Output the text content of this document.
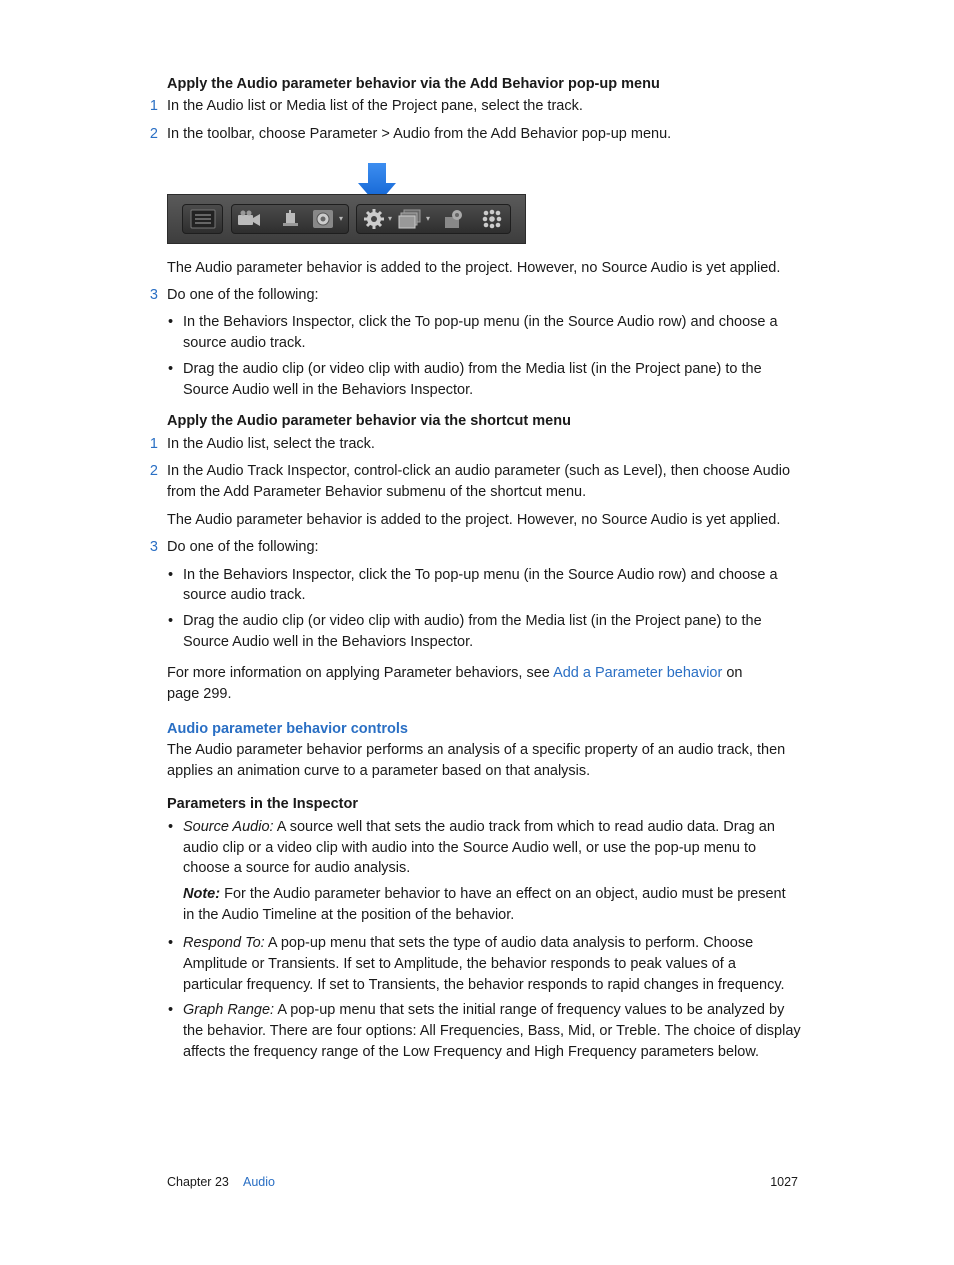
Apply the Audio parameter behavior via the Add Behavior pop-up menu
1 In the Audio list or Media list of the Project pane, select the track.
2 In the toolbar, choose Parameter > Audio from the Add Behavior pop-up menu.
▾	▾	▾
The Audio parameter behavior is added to the project. However, no Source Audio is yet applied.
3 Do one of the following:
• In the Behaviors Inspector, click the To pop-up menu (in the Source Audio row) and choose a
source audio track.
• Drag the audio clip (or video clip with audio) from the Media list (in the Project pane) to the
Source Audio well in the Behaviors Inspector.
Apply the Audio parameter behavior via the shortcut menu
1 In the Audio list, select the track.
2 In the Audio Track Inspector, control-click an audio parameter (such as Level), then choose Audio
from the Add Parameter Behavior submenu of the shortcut menu.
The Audio parameter behavior is added to the project. However, no Source Audio is yet applied.
3 Do one of the following:
• In the Behaviors Inspector, click the To pop-up menu (in the Source Audio row) and choose a
source audio track.
• Drag the audio clip (or video clip with audio) from the Media list (in the Project pane) to the
Source Audio well in the Behaviors Inspector.
For more information on applying Parameter behaviors, see Add a Parameter behavior on
page 299.
Audio parameter behavior controls
The Audio parameter behavior performs an analysis of a specific property of an audio track, then
applies an animation curve to a parameter based on that analysis.
Parameters in the Inspector
• Source Audio: A source well that sets the audio track from which to read audio data. Drag an
audio clip or a video clip with audio into the Source Audio well, or use the pop-up menu to
choose a source for audio analysis.
Note: For the Audio parameter behavior to have an effect on an object, audio must be present
in the Audio Timeline at the position of the behavior.
• Respond To: A pop-up menu that sets the type of audio data analysis to perform. Choose
Amplitude or Transients. If set to Amplitude, the behavior responds to peak values of a
particular frequency. If set to Transients, the behavior responds to rapid changes in frequency.
• Graph Range: A pop-up menu that sets the initial range of frequency values to be analyzed by
the behavior. There are four options: All Frequencies, Bass, Mid, or Treble. The choice of display
affects the frequency range of the Low Frequency and High Frequency parameters below.
Chapter 23 Audio	1027
